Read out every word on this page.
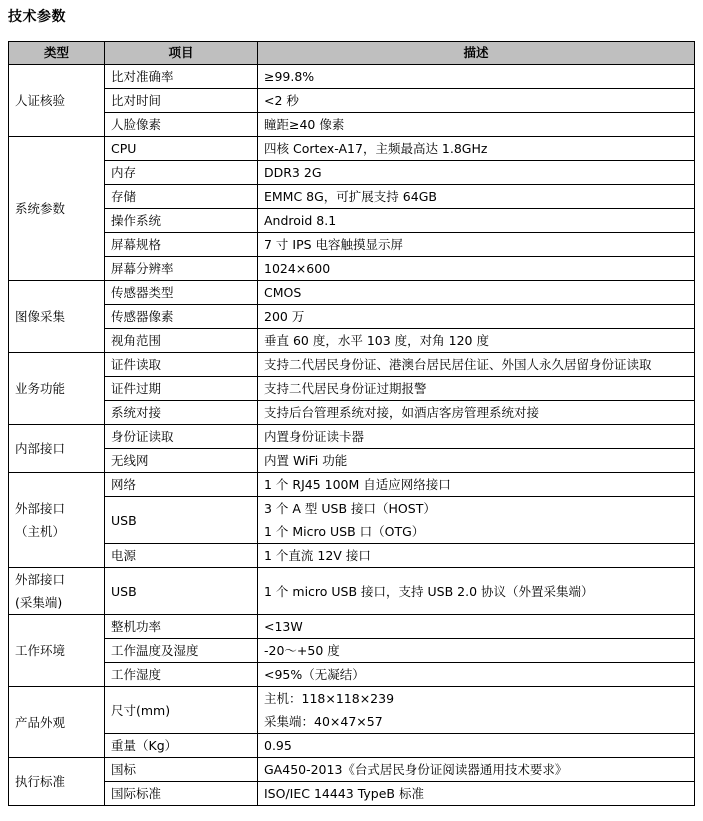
技术参数
类型	项目	描述

人证核验	比对准确率	≥99.8%

	比对时间	<2 秒

	人脸像素	瞳距≥40 像素

系统参数	CPU	四核 Cortex-A17，主频最高达 1.8GHz

	内存	DDR3 2G

	存储	EMMC 8G，可扩展支持 64GB

	操作系统	Android 8.1

	屏幕规格	7 寸 IPS 电容触摸显示屏

	屏幕分辨率	1024×600

图像采集	传感器类型	CMOS

	传感器像素	200 万

	视角范围	垂直 60 度，水平 103 度，对角 120 度

业务功能	证件读取	支持二代居民身份证、港澳台居民居住证、外国人永久居留身份证读取

	证件过期	支持二代居民身份证过期报警

	系统对接	支持后台管理系统对接，如酒店客房管理系统对接

内部接口	身份证读取	内置身份证读卡器

	无线网	内置 WiFi 功能

外部接口
（主机）	网络	1 个 RJ45 100M 自适应网络接口

	USB	3 个 A 型 USB 接口（HOST）
1 个 Micro USB 口（OTG）

	电源	1 个直流 12V 接口

外部接口
(采集端)	USB	1 个 micro USB 接口，支持 USB 2.0 协议（外置采集端）

工作环境	整机功率	<13W

	工作温度及湿度	-20～+50 度

	工作湿度	<95%（无凝结）

产品外观	尺寸(mm)	主机：118×118×239
采集端：40×47×57

	重量（Kg）	0.95

执行标准	国标	GA450-2013《台式居民身份证阅读器通用技术要求》

	国际标准	ISO/IEC 14443 TypeB 标准
